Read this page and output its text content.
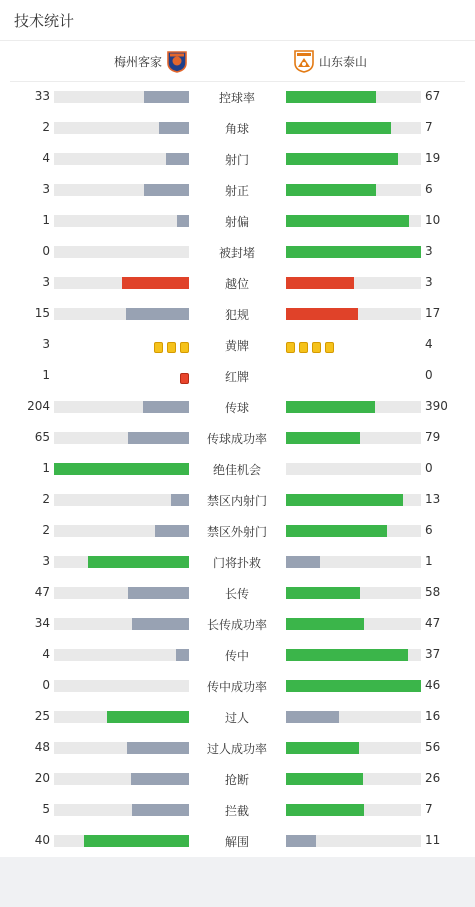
技术统计
梅州客家	山东泰山
33	控球率	67
2	角球	7
4	射门	19
3	射正	6
1	射偏	10
0	被封堵	3
3	越位	3
15	犯规	17
3	黄牌	4
1	红牌	0
204	传球	390
65	传球成功率	79
1	绝佳机会	0
2	禁区内射门	13
2	禁区外射门	6
3	门将扑救	1
47	长传	58
34	长传成功率	47
4	传中	37
0	传中成功率	46
25	过人	16
48	过人成功率	56
20	抢断	26
5	拦截	7
40	解围	11
